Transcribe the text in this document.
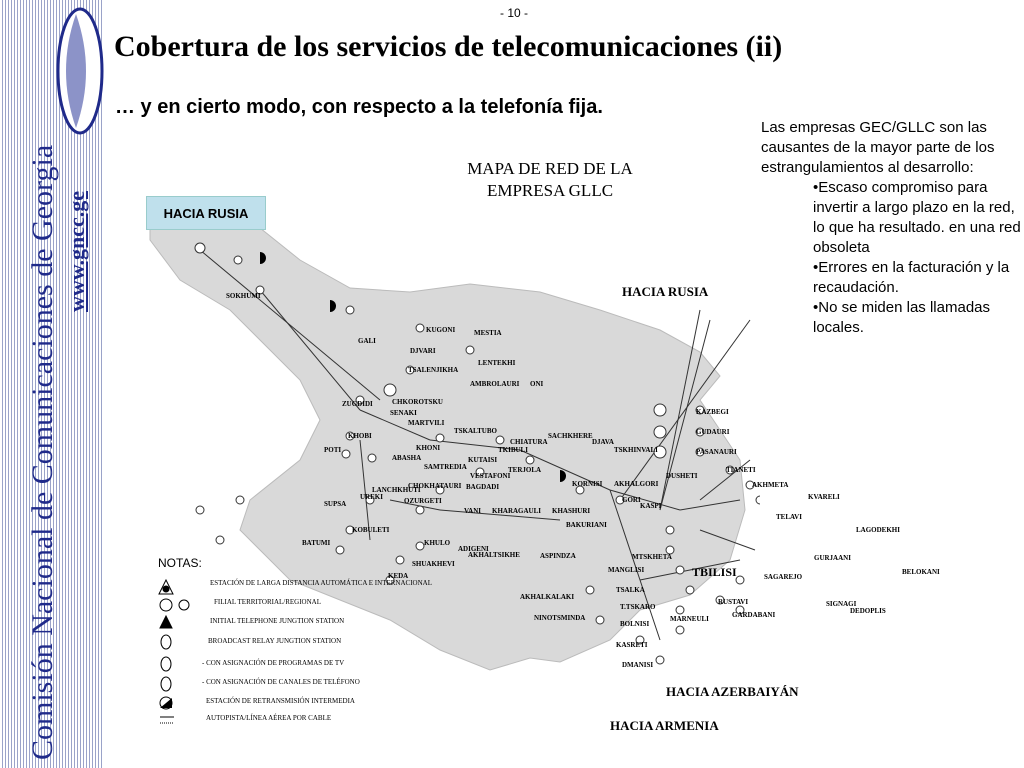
Comisión Nacional de Comunicaciones de Georgia www.gncc.ge
- 10 -
Cobertura de los servicios de telecomunicaciones (ii)
… y en cierto modo, con respecto a la telefonía fija.
MAPA DE RED DE LA
EMPRESA GLLC
HACIA RUSIA
HACIA RUSIA
HACIA AZERBAIYÁN
HACIA ARMENIA
TBILISI
SOKHUMI
GALI
KUGONI	MESTIA
DJVARI
LENTEKHI
TSALENJIKHA
CHKOROTSKU
ZUGDIDI
SENAKI
MARTVILI
TSKALTUBO
KHOBI
POTI	KHONI
ABASHA
SAMTREDIA
CHIATURA
SACHKHERE
DJAVA
TKIBULI
KUTAISI
TERJOLA
VESTAFONI
LANCHKHUTI
CHOKHATAURI BAGDADI
UREKI	OZURGETI
SUPSA
VANI KHARAGAULI KHASHURI
BAKURIANI
KOBULETI
BATUMI	KHULO
SHUAKHEVI
KEDA
ADIGENI
AKHALTSIKHE	ASPINDZA
AKHALKALAKI
NINOTSMINDA
KORNISI AKHALGORI
GORI
KASPI
TSKHINVALI
DUSHETI
KAZBEGI
GUDAURI
PASANAURI
TIANETI
AKHMETA
KVARELI
TELAVI
LAGODEKHI
GURJAANI
BELOKANI
MTSKHETA
MANGLISI
TSALKA
T.TSKARO
BOLNISI
MARNEULI
KASRETI
DMANISI
SAGAREJO
RUSTAVI
GARDABANI
SIGNAGI
DEDOPLIS
AMBROLAURI ONI
NOTAS:
ESTACIÓN DE LARGA DISTANCIA AUTOMÁTICA E INTERNACIONAL
FILIAL TERRITORIAL/REGIONAL
INITIAL TELEPHONE JUNGTION STATION
BROADCAST RELAY JUNGTION STATION
- CON ASIGNACIÓN DE PROGRAMAS DE TV
- CON ASIGNACIÓN DE CANALES DE TELÉFONO
ESTACIÓN DE RETRANSMISIÓN INTERMEDIA
AUTOPISTA/LÍNEA AÉREA POR CABLE
Las empresas GEC/GLLC son las causantes de la mayor parte de los estrangulamientos al desarrollo:
•Escaso compromiso para invertir a largo plazo en la red, lo que ha resultado. en una red obsoleta
•Errores en la facturación y la recaudación.
•No se miden las llamadas locales.
